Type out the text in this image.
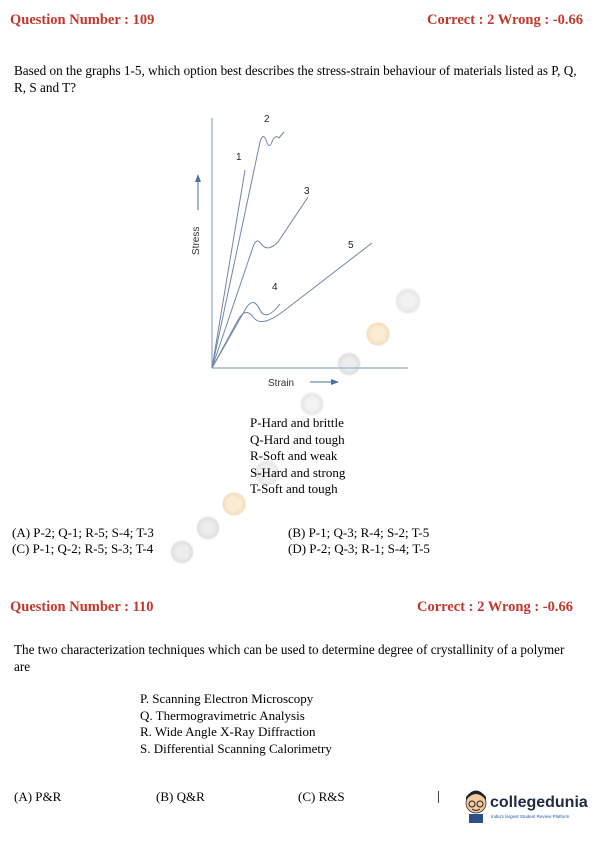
Question Number : 109	Correct : 2 Wrong : -0.66
Based on the graphs 1-5, which option best describes the stress-strain behaviour of materials listed as P, Q, R, S and T?
Stress
Strain
1
2
3
4
5
P-Hard and brittle
Q-Hard and tough
R-Soft and weak
S-Hard and strong
T-Soft and tough
(A) P-2; Q-1; R-5; S-4; T-3
(C) P-1; Q-2; R-5; S-3; T-4
(B) P-1; Q-3; R-4; S-2; T-5
(D) P-2; Q-3; R-1; S-4; T-5
Question Number : 110	Correct : 2 Wrong : -0.66
The two characterization techniques which can be used to determine degree of crystallinity of a polymer are
P. Scanning Electron Microscopy
Q. Thermogravimetric Analysis
R. Wide Angle X-Ray Diffraction
S. Differential Scanning Calorimetry
(A) P&R	(B) Q&R	(C) R&S	collegedunia
India's largest Student Review Platform
